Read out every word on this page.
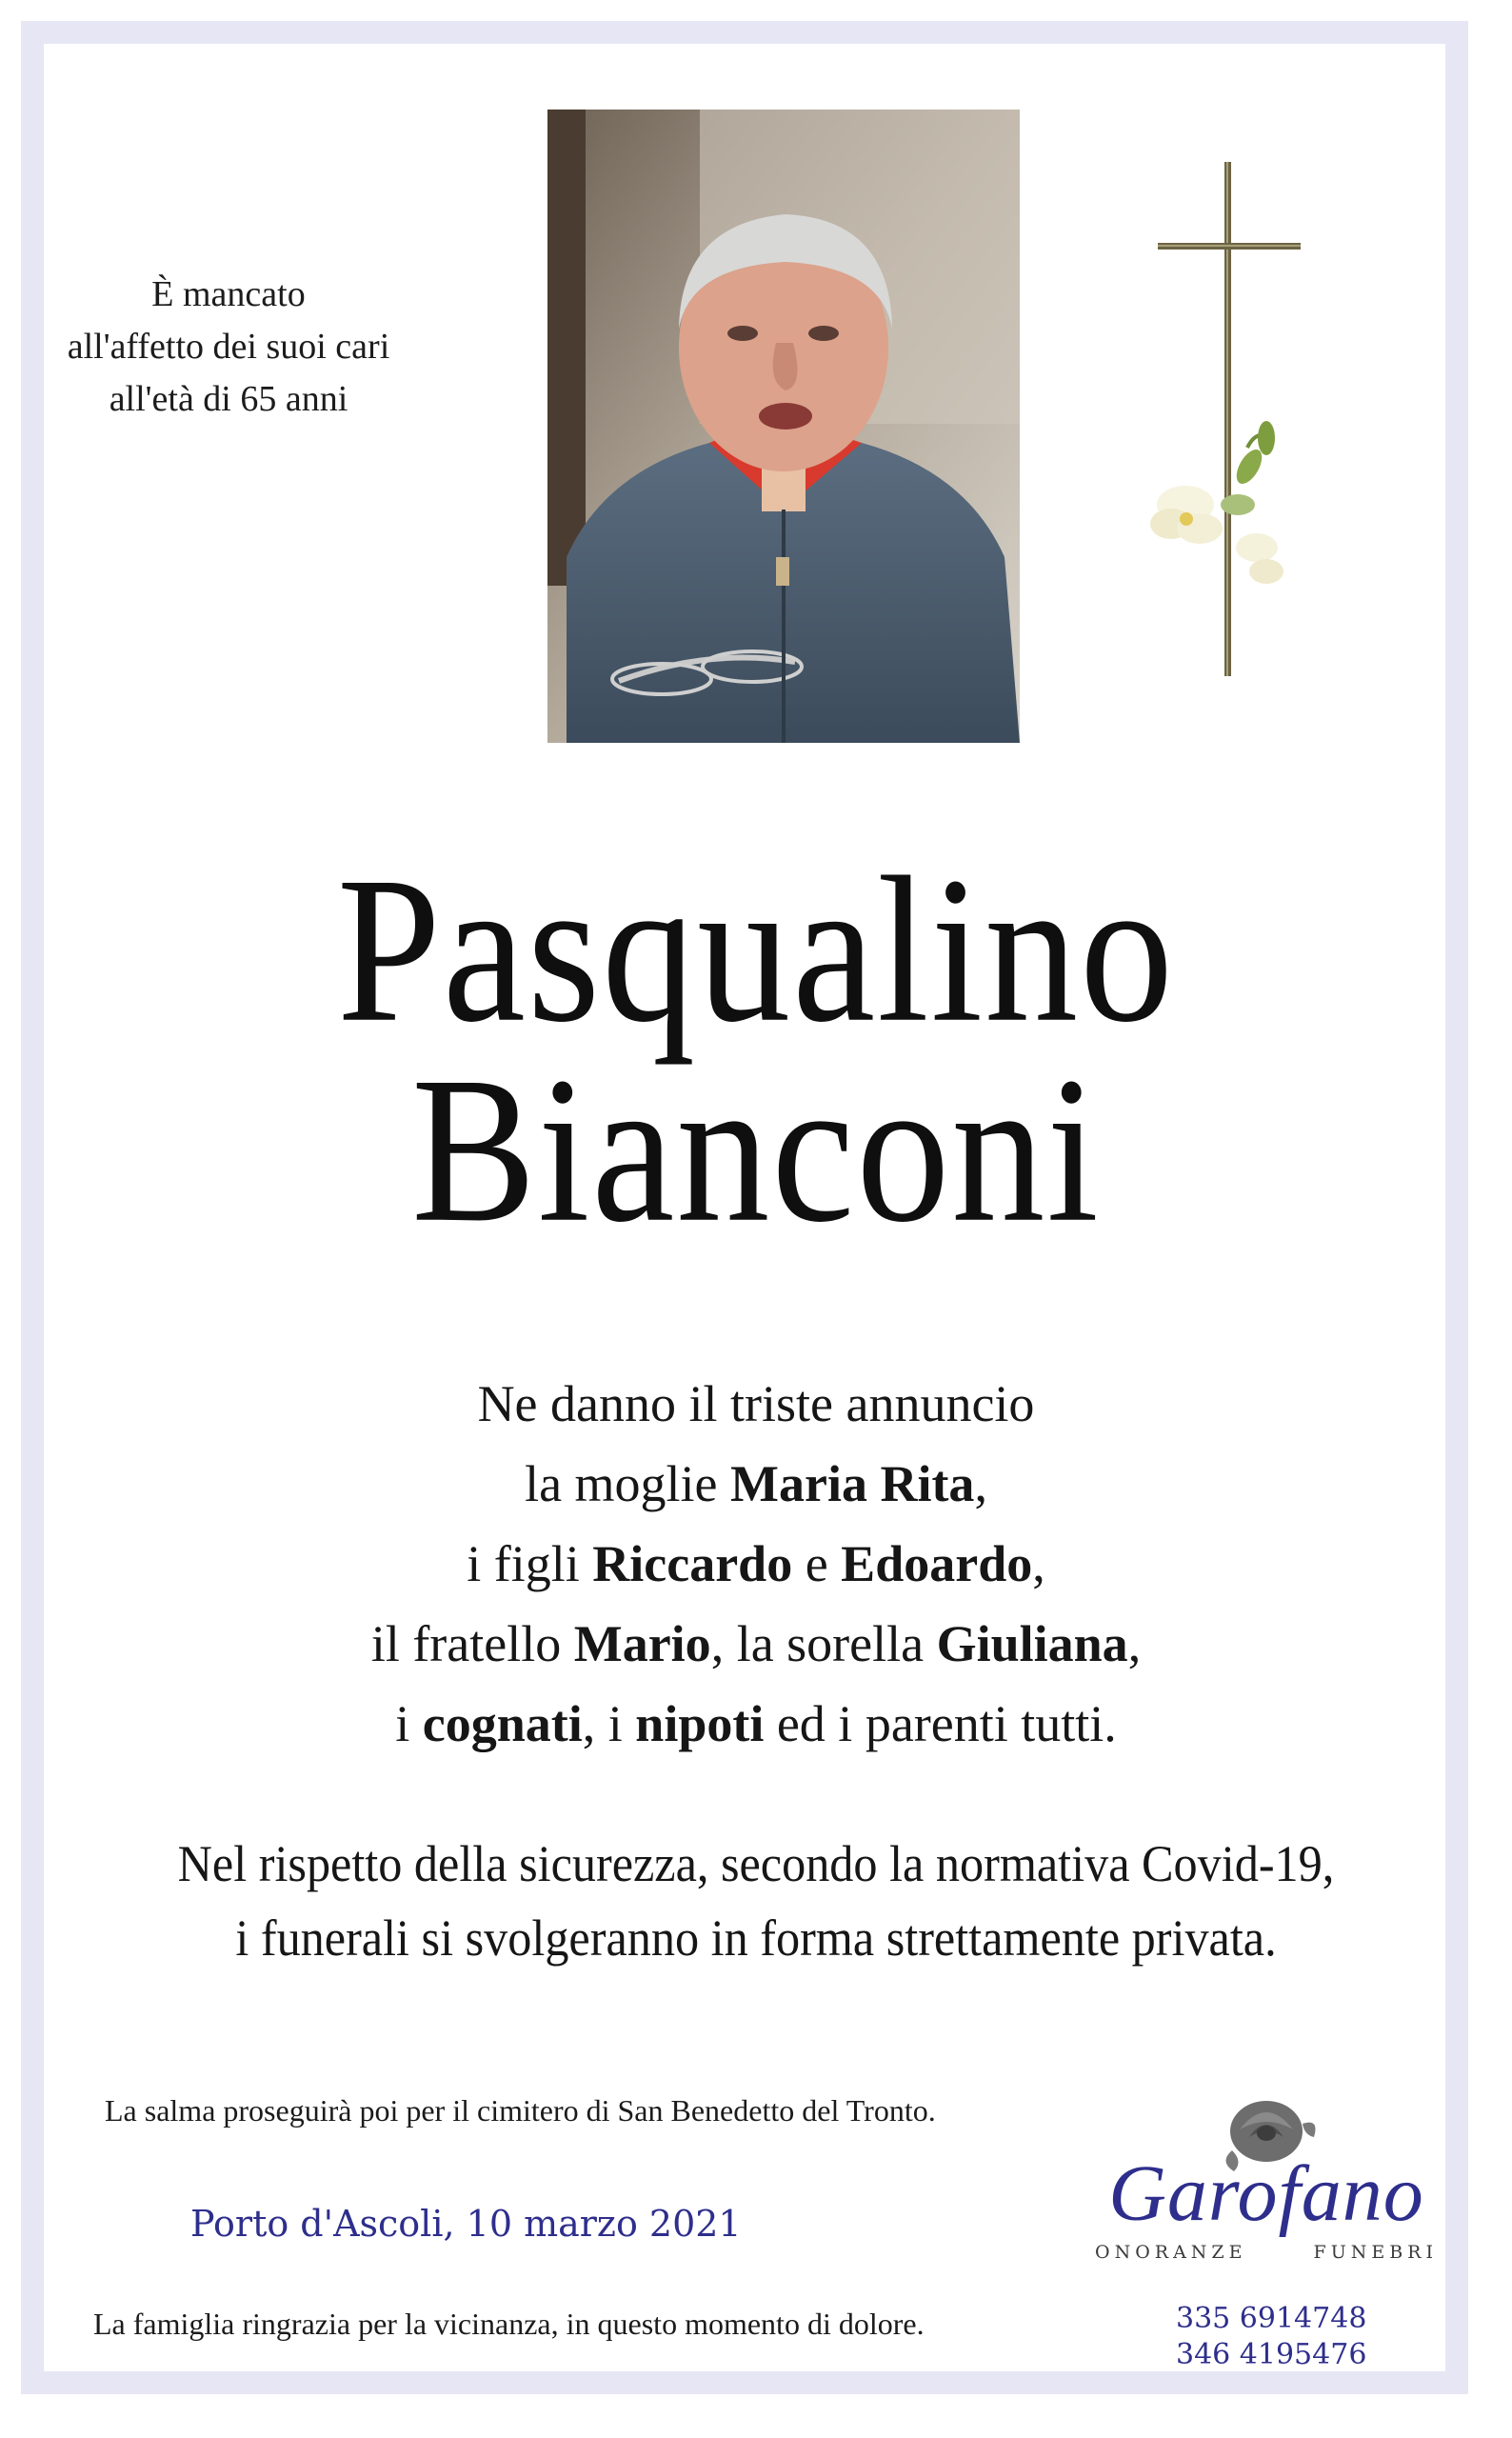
È mancato
all'affetto dei suoi cari
all'età di 65 anni
Pasqualino
Bianconi
Ne danno il triste annuncio
la moglie Maria Rita,
i figli Riccardo e Edoardo,
il fratello Mario, la sorella Giuliana,
i cognati, i nipoti ed i parenti tutti.
Nel rispetto della sicurezza, secondo la normativa Covid-19,
i funerali si svolgeranno in forma strettamente privata.
La salma proseguirà poi per il cimitero di San Benedetto del Tronto.
Porto d'Ascoli, 10 marzo 2021
La famiglia ringrazia per la vicinanza, in questo momento di dolore.
Garofano
ONORANZE	FUNEBRI
335 6914748
346 4195476
